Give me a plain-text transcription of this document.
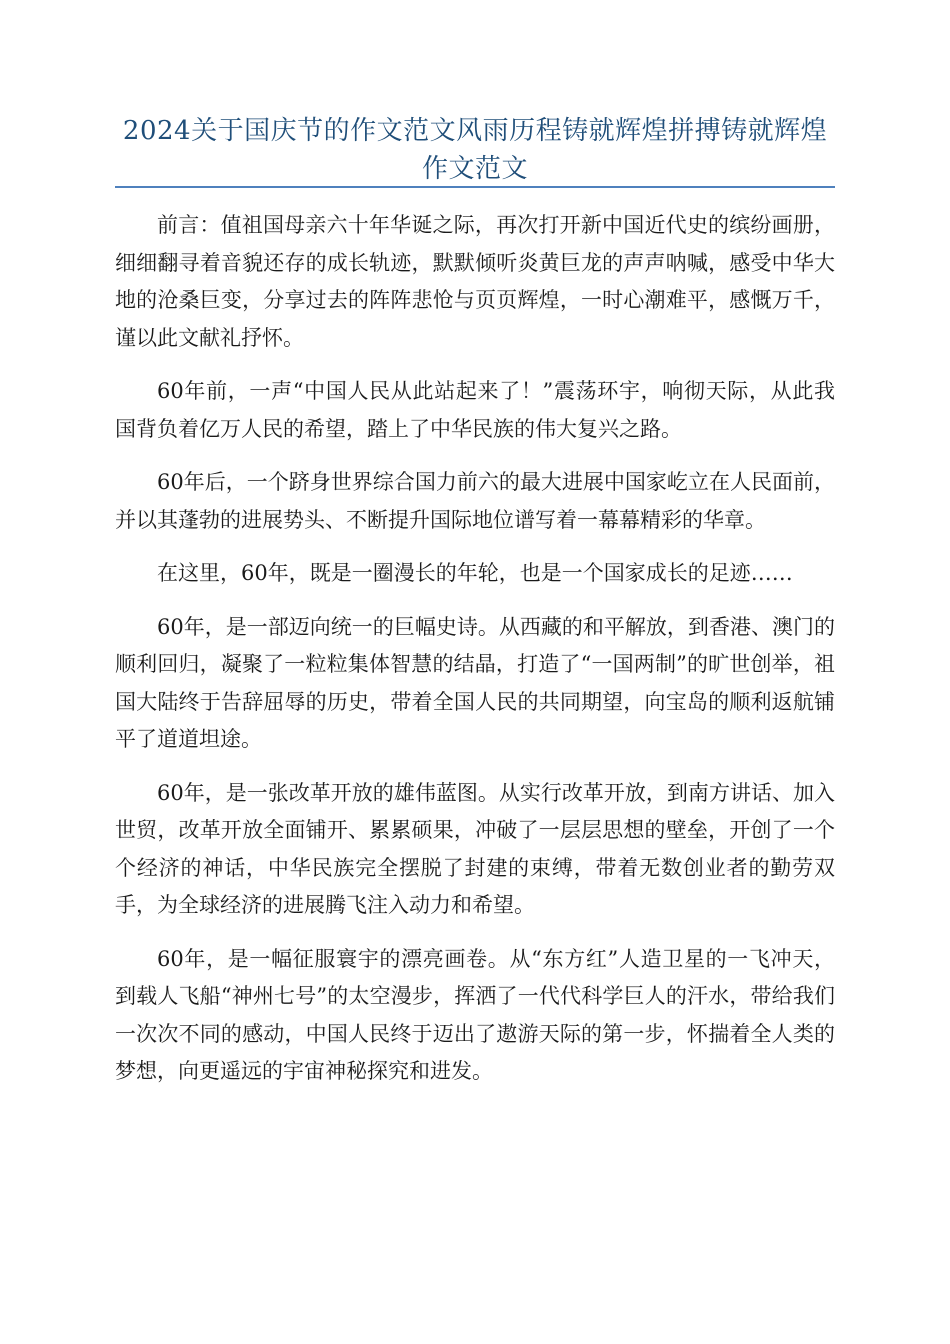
2024关于国庆节的作文范文风雨历程铸就辉煌拼搏铸就辉煌作文范文

前言：值祖国母亲六十年华诞之际，再次打开新中国近代史的缤纷画册，细细翻寻着音貌还存的成长轨迹，默默倾听炎黄巨龙的声声呐喊，感受中华大地的沧桑巨变，分享过去的阵阵悲怆与页页辉煌，一时心潮难平，感慨万千，谨以此文献礼抒怀。

60年前，一声“中国人民从此站起来了！”震荡环宇，响彻天际，从此我国背负着亿万人民的希望，踏上了中华民族的伟大复兴之路。

60年后，一个跻身世界综合国力前六的最大进展中国家屹立在人民面前，并以其蓬勃的进展势头、不断提升国际地位谱写着一幕幕精彩的华章。

在这里，60年，既是一圈漫长的年轮，也是一个国家成长的足迹……

60年，是一部迈向统一的巨幅史诗。从西藏的和平解放，到香港、澳门的顺利回归，凝聚了一粒粒集体智慧的结晶，打造了“一国两制”的旷世创举，祖国大陆终于告辞屈辱的历史，带着全国人民的共同期望，向宝岛的顺利返航铺平了道道坦途。

60年，是一张改革开放的雄伟蓝图。从实行改革开放，到南方讲话、加入世贸，改革开放全面铺开、累累硕果，冲破了一层层思想的壁垒，开创了一个个经济的神话，中华民族完全摆脱了封建的束缚，带着无数创业者的勤劳双手，为全球经济的进展腾飞注入动力和希望。

60年，是一幅征服寰宇的漂亮画卷。从“东方红”人造卫星的一飞冲天，到载人飞船“神州七号”的太空漫步，挥洒了一代代科学巨人的汗水，带给我们一次次不同的感动，中国人民终于迈出了遨游天际的第一步，怀揣着全人类的梦想，向更遥远的宇宙神秘探究和进发。
